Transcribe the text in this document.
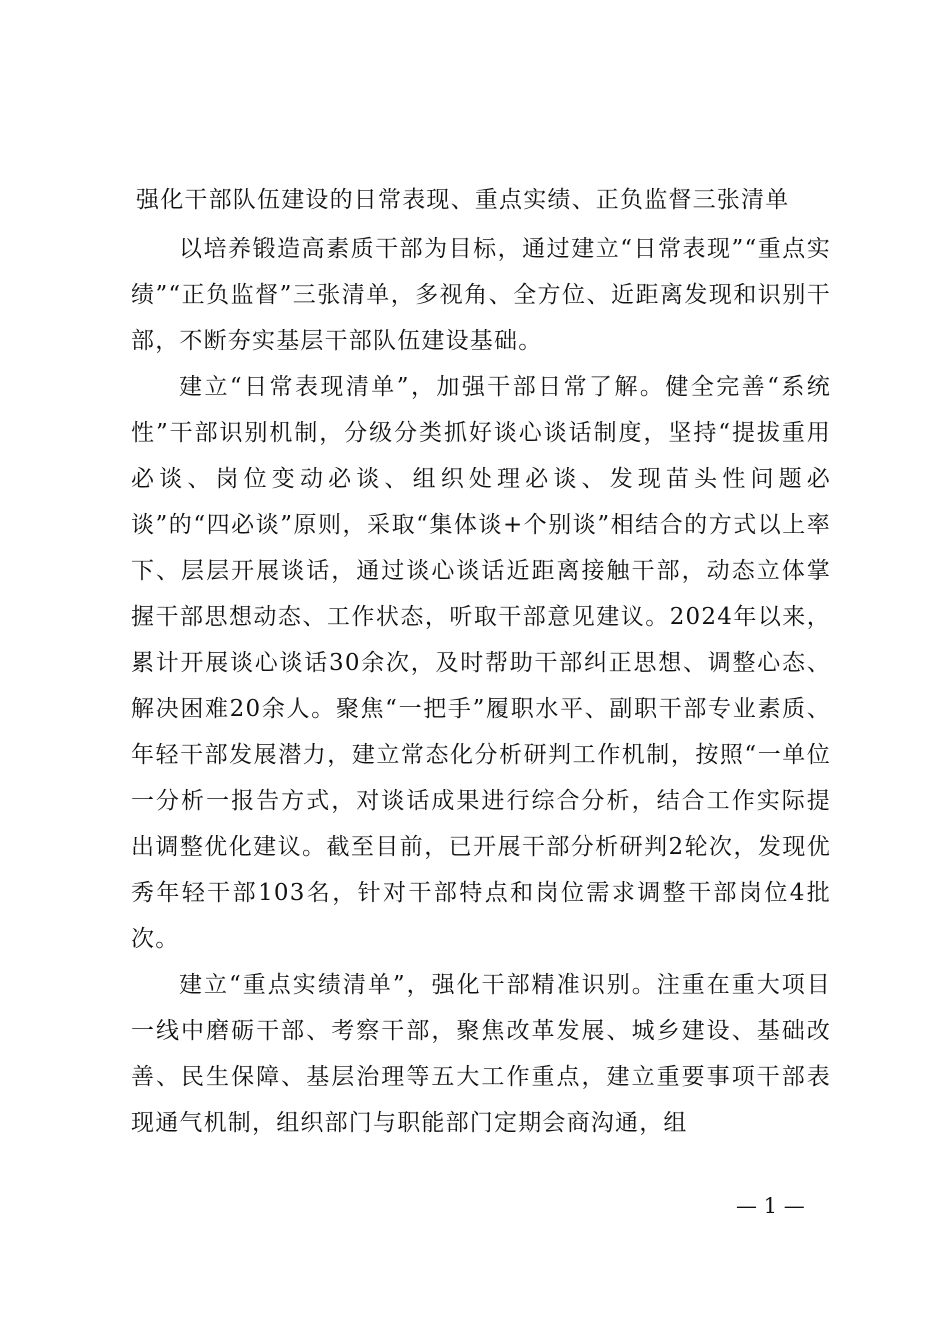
强化干部队伍建设的日常表现、重点实绩、正负监督三张清单

以培养锻造高素质干部为目标，通过建立“日常表现”“重点实绩”“正负监督”三张清单，多视角、全方位、近距离发现和识别干部，不断夯实基层干部队伍建设基础。

建立“日常表现清单”，加强干部日常了解。健全完善“系统性”干部识别机制，分级分类抓好谈心谈话制度，坚持“提拔重用必谈、岗位变动必谈、组织处理必谈、发现苗头性问题必谈”的“四必谈”原则，采取“集体谈+个别谈”相结合的方式以上率下、层层开展谈话，通过谈心谈话近距离接触干部，动态立体掌握干部思想动态、工作状态，听取干部意见建议。2024年以来，累计开展谈心谈话30余次，及时帮助干部纠正思想、调整心态、解决困难20余人。聚焦“一把手”履职水平、副职干部专业素质、年轻干部发展潜力，建立常态化分析研判工作机制，按照“一单位一分析一报告方式，对谈话成果进行综合分析，结合工作实际提出调整优化建议。截至目前，已开展干部分析研判2轮次，发现优秀年轻干部103名，针对干部特点和岗位需求调整干部岗位4批次。

建立“重点实绩清单”，强化干部精准识别。注重在重大项目一线中磨砺干部、考察干部，聚焦改革发展、城乡建设、基础改善、民生保障、基层治理等五大工作重点，建立重要事项干部表现通气机制，组织部门与职能部门定期会商沟通，组

— 1 —
